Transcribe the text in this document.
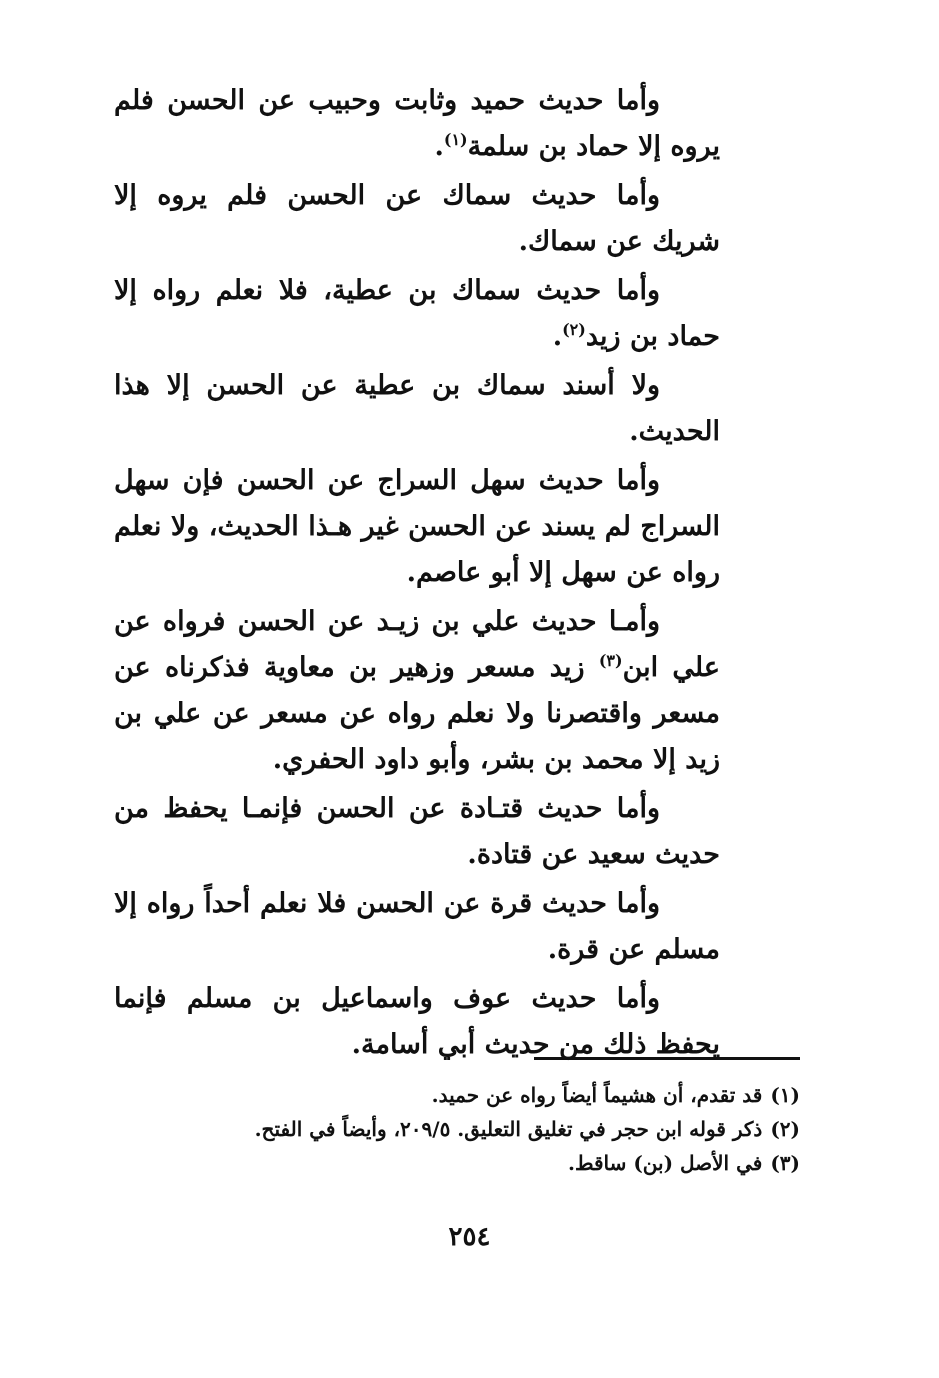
وأما حديث حميد وثابت وحبيب عن الحسن فلم يروه إلا حماد بن سلمة$^{(١)}$.

وأما حديث سماك عن الحسن فلم يروه إلا شريك عن سماك.

وأما حديث سماك بن عطية، فلا نعلم رواه إلا حماد بن زيد$^{(٢)}$.

ولا أسند سماك بن عطية عن الحسن إلا هذا الحديث.

وأما حديث سهل السراج عن الحسن فإن سهل السراج لم يسند عن الحسن غير هـذا الحديث، ولا نعلم رواه عن سهل إلا أبو عاصم.

وأمـا حديث علي بن زيـد عن الحسن فرواه عن علي ابن$^{(٣)}$ زيد مسعر وزهير بن معاوية فذكرناه عن مسعر واقتصرنا ولا نعلم رواه عن مسعر عن علي بن زيد إلا محمد بن بشر، وأبو داود الحفري.

وأما حديث قتـادة عن الحسن فإنمـا يحفظ من حديث سعيد عن قتادة.

وأما حديث قرة عن الحسن فلا نعلم أحداً رواه إلا مسلم عن قرة.

وأما حديث عوف واسماعيل بن مسلم فإنما يحفظ ذلك من حديث أبي أسامة.

(١)قد تقدم، أن هشيماً أيضاً رواه عن حميد.

(٢)ذكر قوله ابن حجر في تغليق التعليق. ٢٠٩/٥، وأيضاً في الفتح.

(٣)في الأصل (بن) ساقط.

٢٥٤
